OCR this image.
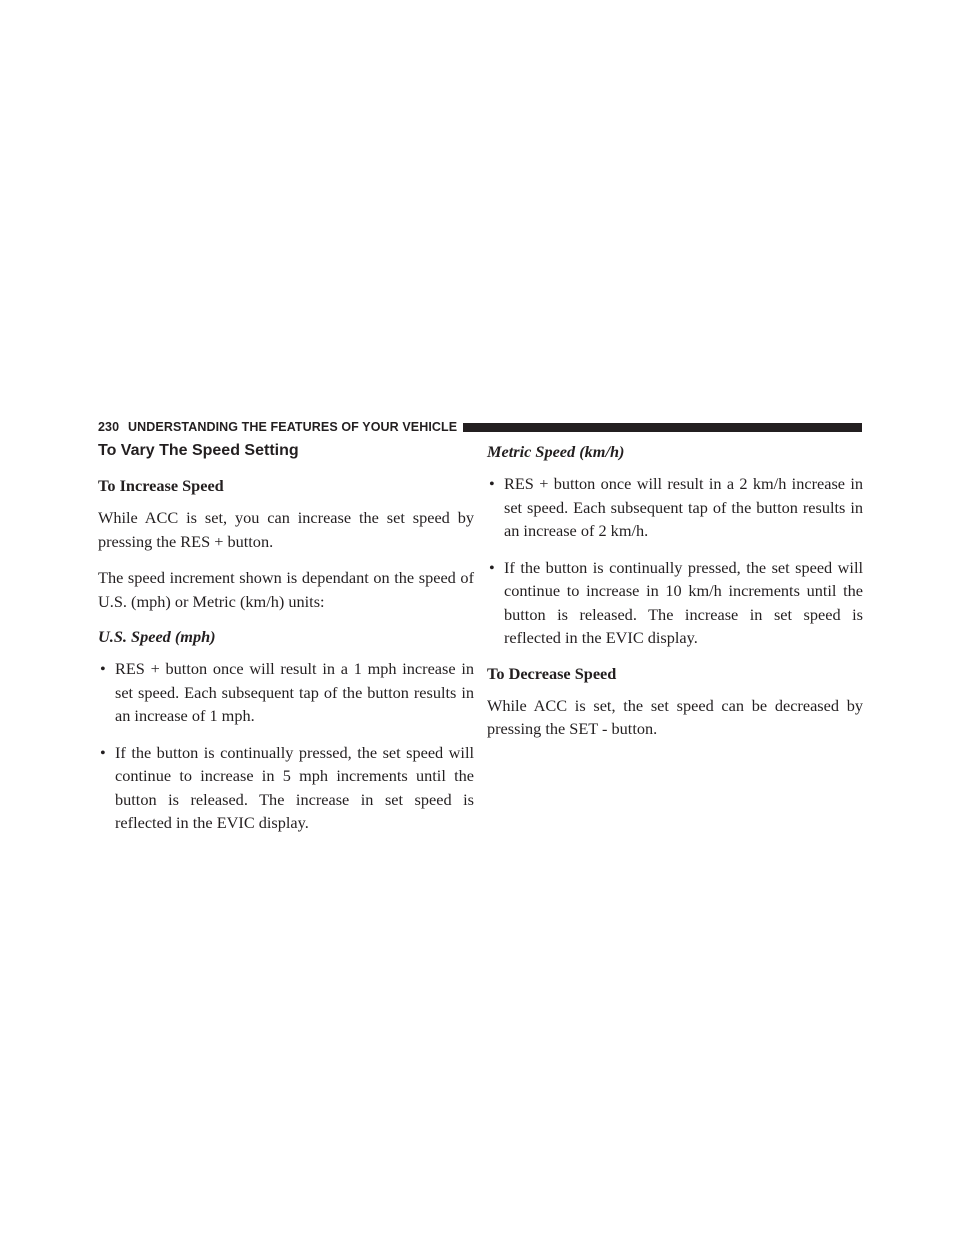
230 UNDERSTANDING THE FEATURES OF YOUR VEHICLE
To Vary The Speed Setting
To Increase Speed

While ACC is set, you can increase the set speed by pressing the RES + button.

The speed increment shown is dependant on the speed of U.S. (mph) or Metric (km/h) units:

U.S. Speed (mph)
• RES + button once will result in a 1 mph increase in set speed. Each subsequent tap of the button results in an increase of 1 mph.
• If the button is continually pressed, the set speed will continue to increase in 5 mph increments until the button is released. The increase in set speed is reflected in the EVIC display.
Metric Speed (km/h)
• RES + button once will result in a 2 km/h increase in set speed. Each subsequent tap of the button results in an increase of 2 km/h.
• If the button is continually pressed, the set speed will continue to increase in 10 km/h increments until the button is released. The increase in set speed is reflected in the EVIC display.
To Decrease Speed

While ACC is set, the set speed can be decreased by pressing the SET - button.
